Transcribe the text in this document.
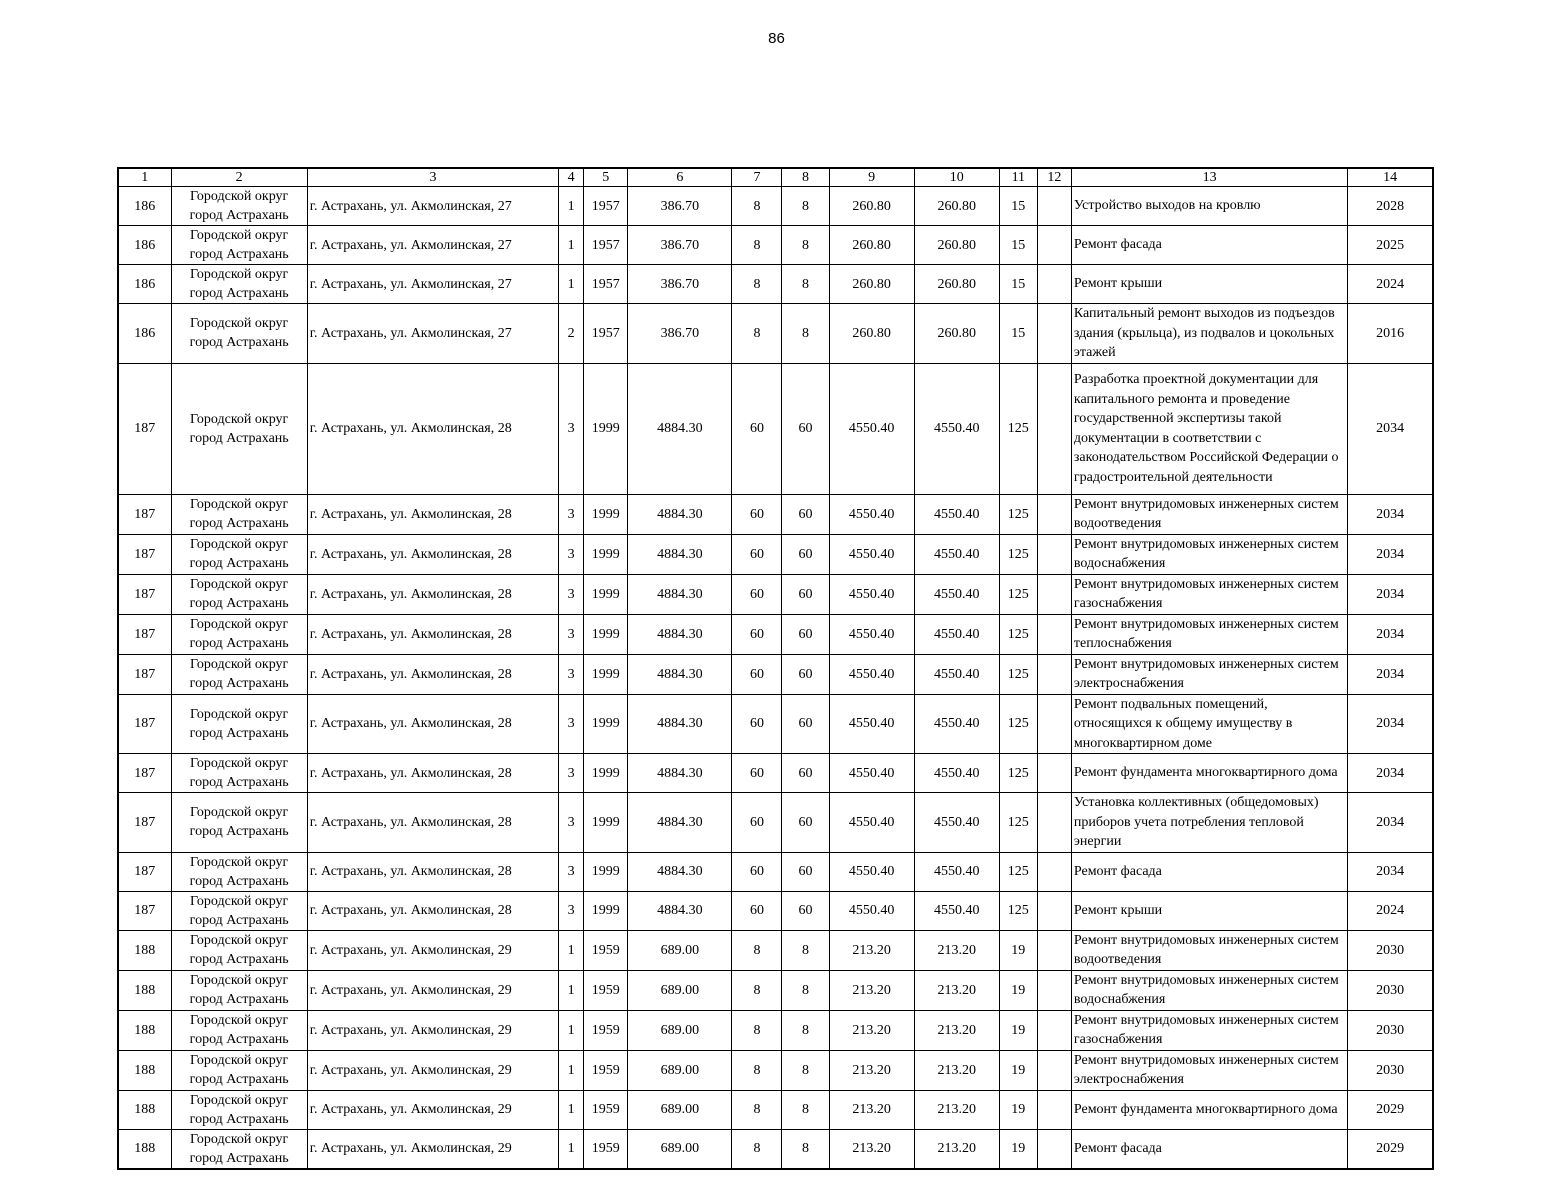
86
1	2	3	4	5	6	7	8	9	10	11	12	13	14
186	Городской округ город Астрахань	г. Астрахань, ул. Акмолинская, 27	1	1957	386.70	8	8	260.80	260.80	15		Устройство выходов на кровлю	2028
186	Городской округ город Астрахань	г. Астрахань, ул. Акмолинская, 27	1	1957	386.70	8	8	260.80	260.80	15		Ремонт фасада	2025
186	Городской округ город Астрахань	г. Астрахань, ул. Акмолинская, 27	1	1957	386.70	8	8	260.80	260.80	15		Ремонт крыши	2024
186	Городской округ город Астрахань	г. Астрахань, ул. Акмолинская, 27	2	1957	386.70	8	8	260.80	260.80	15		Капитальный ремонт выходов из подъездов здания (крыльца), из подвалов и цокольных этажей	2016
187	Городской округ город Астрахань	г. Астрахань, ул. Акмолинская, 28	3	1999	4884.30	60	60	4550.40	4550.40	125		Разработка проектной документации для капитального ремонта и проведение государственной экспертизы такой документации в соответствии с законодательством Российской Федерации о градостроительной деятельности	2034
187	Городской округ город Астрахань	г. Астрахань, ул. Акмолинская, 28	3	1999	4884.30	60	60	4550.40	4550.40	125		Ремонт внутридомовых инженерных систем водоотведения	2034
187	Городской округ город Астрахань	г. Астрахань, ул. Акмолинская, 28	3	1999	4884.30	60	60	4550.40	4550.40	125		Ремонт внутридомовых инженерных систем водоснабжения	2034
187	Городской округ город Астрахань	г. Астрахань, ул. Акмолинская, 28	3	1999	4884.30	60	60	4550.40	4550.40	125		Ремонт внутридомовых инженерных систем газоснабжения	2034
187	Городской округ город Астрахань	г. Астрахань, ул. Акмолинская, 28	3	1999	4884.30	60	60	4550.40	4550.40	125		Ремонт внутридомовых инженерных систем теплоснабжения	2034
187	Городской округ город Астрахань	г. Астрахань, ул. Акмолинская, 28	3	1999	4884.30	60	60	4550.40	4550.40	125		Ремонт внутридомовых инженерных систем электроснабжения	2034
187	Городской округ город Астрахань	г. Астрахань, ул. Акмолинская, 28	3	1999	4884.30	60	60	4550.40	4550.40	125		Ремонт подвальных помещений, относящихся к общему имуществу в многоквартирном доме	2034
187	Городской округ город Астрахань	г. Астрахань, ул. Акмолинская, 28	3	1999	4884.30	60	60	4550.40	4550.40	125		Ремонт фундамента многоквартирного дома	2034
187	Городской округ город Астрахань	г. Астрахань, ул. Акмолинская, 28	3	1999	4884.30	60	60	4550.40	4550.40	125		Установка коллективных (общедомовых) приборов учета потребления тепловой энергии	2034
187	Городской округ город Астрахань	г. Астрахань, ул. Акмолинская, 28	3	1999	4884.30	60	60	4550.40	4550.40	125		Ремонт фасада	2034
187	Городской округ город Астрахань	г. Астрахань, ул. Акмолинская, 28	3	1999	4884.30	60	60	4550.40	4550.40	125		Ремонт крыши	2024
188	Городской округ город Астрахань	г. Астрахань, ул. Акмолинская, 29	1	1959	689.00	8	8	213.20	213.20	19		Ремонт внутридомовых инженерных систем водоотведения	2030
188	Городской округ город Астрахань	г. Астрахань, ул. Акмолинская, 29	1	1959	689.00	8	8	213.20	213.20	19		Ремонт внутридомовых инженерных систем водоснабжения	2030
188	Городской округ город Астрахань	г. Астрахань, ул. Акмолинская, 29	1	1959	689.00	8	8	213.20	213.20	19		Ремонт внутридомовых инженерных систем газоснабжения	2030
188	Городской округ город Астрахань	г. Астрахань, ул. Акмолинская, 29	1	1959	689.00	8	8	213.20	213.20	19		Ремонт внутридомовых инженерных систем электроснабжения	2030
188	Городской округ город Астрахань	г. Астрахань, ул. Акмолинская, 29	1	1959	689.00	8	8	213.20	213.20	19		Ремонт фундамента многоквартирного дома	2029
188	Городской округ город Астрахань	г. Астрахань, ул. Акмолинская, 29	1	1959	689.00	8	8	213.20	213.20	19		Ремонт фасада	2029
